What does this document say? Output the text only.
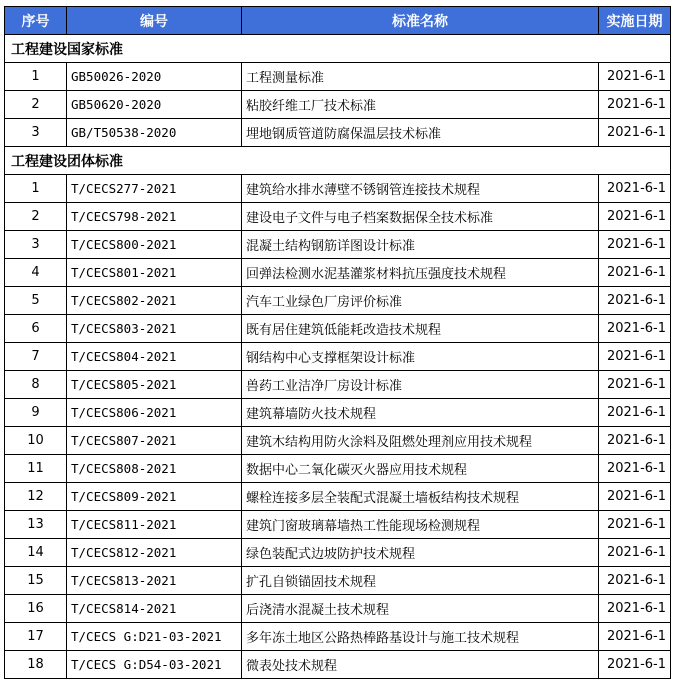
序号	编号	标准名称	实施日期
工程建设国家标准			
1	GB50026-2020	工程测量标准	2021-6-1
2	GB50620-2020	粘胶纤维工厂技术标准	2021-6-1
3	GB/T50538-2020	埋地钢质管道防腐保温层技术标准	2021-6-1
工程建设团体标准			
1	T/CECS277-2021	建筑给水排水薄壁不锈钢管连接技术规程	2021-6-1
2	T/CECS798-2021	建设电子文件与电子档案数据保全技术标准	2021-6-1
3	T/CECS800-2021	混凝土结构钢筋详图设计标准	2021-6-1
4	T/CECS801-2021	回弹法检测水泥基灌浆材料抗压强度技术规程	2021-6-1
5	T/CECS802-2021	汽车工业绿色厂房评价标准	2021-6-1
6	T/CECS803-2021	既有居住建筑低能耗改造技术规程	2021-6-1
7	T/CECS804-2021	钢结构中心支撑框架设计标准	2021-6-1
8	T/CECS805-2021	兽药工业洁净厂房设计标准	2021-6-1
9	T/CECS806-2021	建筑幕墙防火技术规程	2021-6-1
10	T/CECS807-2021	建筑木结构用防火涂料及阻燃处理剂应用技术规程	2021-6-1
11	T/CECS808-2021	数据中心二氧化碳灭火器应用技术规程	2021-6-1
12	T/CECS809-2021	螺栓连接多层全装配式混凝土墙板结构技术规程	2021-6-1
13	T/CECS811-2021	建筑门窗玻璃幕墙热工性能现场检测规程	2021-6-1
14	T/CECS812-2021	绿色装配式边坡防护技术规程	2021-6-1
15	T/CECS813-2021	扩孔自锁锚固技术规程	2021-6-1
16	T/CECS814-2021	后浇清水混凝土技术规程	2021-6-1
17	T/CECS G:D21-03-2021	多年冻土地区公路热棒路基设计与施工技术规程	2021-6-1
18	T/CECS G:D54-03-2021	微表处技术规程	2021-6-1
